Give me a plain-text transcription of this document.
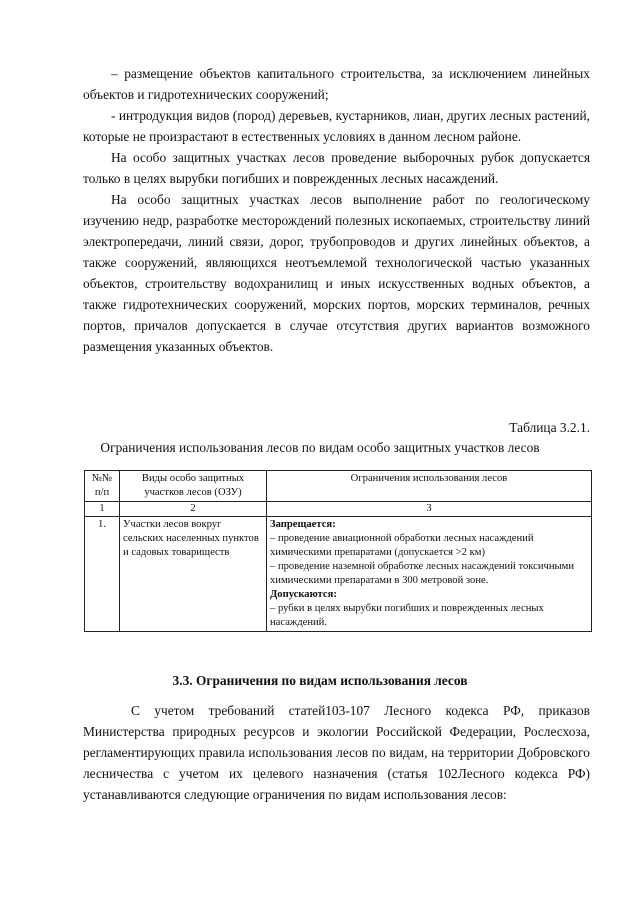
– размещение объектов капитального строительства, за исключением линейных объектов и гидротехнических сооружений;

- интродукция видов (пород) деревьев, кустарников, лиан, других лесных растений, которые не произрастают в естественных условиях в данном лесном районе.

На особо защитных участках лесов проведение выборочных рубок допускается только в целях вырубки погибших и поврежденных лесных насаждений.

На особо защитных участках лесов выполнение работ по геологическому изучению недр, разработке месторождений полезных ископаемых, строительству линий электропередачи, линий связи, дорог, трубопроводов и других линейных объектов, а также сооружений, являющихся неотъемлемой технологической частью указанных объектов, строительству водохранилищ и иных искусственных водных объектов, а также гидротехнических сооружений, морских портов, морских терминалов, речных портов, причалов допускается в случае отсутствия других вариантов возможного размещения указанных объектов.

Таблица 3.2.1.
Ограничения использования лесов по видам особо защитных участков лесов
№№ п/п	Виды особо защитных участков лесов (ОЗУ)	Ограничения использования лесов
1	2	3
1.	Участки лесов вокруг сельских населенных пунктов и садовых товариществ	Запрещается:
– проведение авиационной обработки лесных насаждений химическими препаратами (допускается >2 км)
– проведение наземной обработке лесных насаждений токсичными химическими препаратами в 300 метровой зоне.
Допускаются:
– рубки в целях вырубки погибших и поврежденных лесных насаждений.
3.3. Ограничения по видам использования лесов

С учетом требований статей103-107 Лесного кодекса РФ, приказов Министерства природных ресурсов и экологии Российской Федерации, Рослесхоза, регламентирующих правила использования лесов по видам, на территории Добровского лесничества с учетом их целевого назначения (статья 102Лесного кодекса РФ) устанавливаются следующие ограничения по видам использования лесов:
